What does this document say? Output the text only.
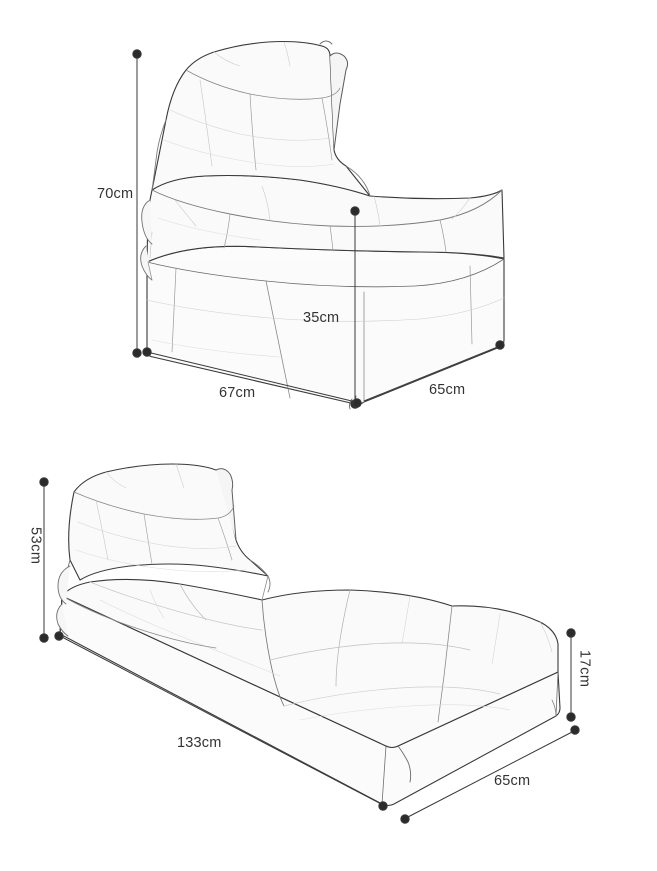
70cm
35cm
67cm	65cm
53cm
17cm
133cm
65cm
